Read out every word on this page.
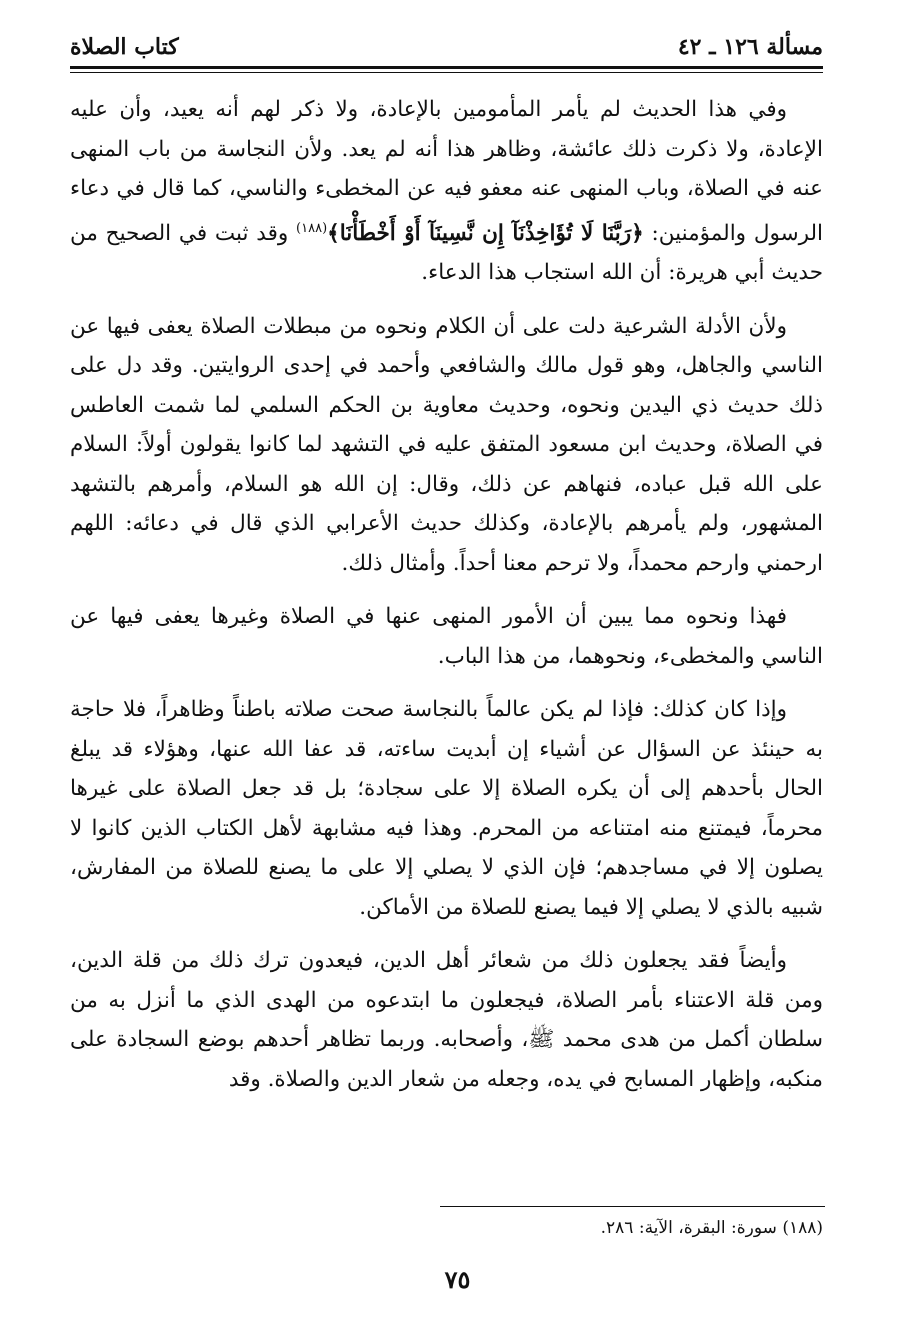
مسألة ١٢٦ ـ ٤٢
كتاب الصلاة

وفي هذا الحديث لم يأمر المأمومين بالإعادة، ولا ذكر لهم أنه يعيد، وأن عليه الإعادة، ولا ذكرت ذلك عائشة، وظاهر هذا أنه لم يعد. ولأن النجاسة من باب المنهى عنه في الصلاة، وباب المنهى عنه معفو فيه عن المخطىء والناسي، كما قال في دعاء الرسول والمؤمنين: ﴿رَبَّنَا لَا تُؤَاخِذْنَآ إِن نَّسِينَآ أَوْ أَخْطَأْنَا﴾$^{(١٨٨)}$ وقد ثبت في الصحيح من حديث أبي هريرة: أن الله استجاب هذا الدعاء.

ولأن الأدلة الشرعية دلت على أن الكلام ونحوه من مبطلات الصلاة يعفى فيها عن الناسي والجاهل، وهو قول مالك والشافعي وأحمد في إحدى الروايتين. وقد دل على ذلك حديث ذي اليدين ونحوه، وحديث معاوية بن الحكم السلمي لما شمت العاطس في الصلاة، وحديث ابن مسعود المتفق عليه في التشهد لما كانوا يقولون أولاً: السلام على الله قبل عباده، فنهاهم عن ذلك، وقال: إن الله هو السلام، وأمرهم بالتشهد المشهور، ولم يأمرهم بالإعادة، وكذلك حديث الأعرابي الذي قال في دعائه: اللهم ارحمني وارحم محمداً، ولا ترحم معنا أحداً. وأمثال ذلك.

فهذا ونحوه مما يبين أن الأمور المنهى عنها في الصلاة وغيرها يعفى فيها عن الناسي والمخطىء، ونحوهما، من هذا الباب.

وإذا كان كذلك: فإذا لم يكن عالماً بالنجاسة صحت صلاته باطناً وظاهراً، فلا حاجة به حينئذ عن السؤال عن أشياء إن أبديت ساءته، قد عفا الله عنها، وهؤلاء قد يبلغ الحال بأحدهم إلى أن يكره الصلاة إلا على سجادة؛ بل قد جعل الصلاة على غيرها محرماً، فيمتنع منه امتناعه من المحرم. وهذا فيه مشابهة لأهل الكتاب الذين كانوا لا يصلون إلا في مساجدهم؛ فإن الذي لا يصلي إلا على ما يصنع للصلاة من المفارش، شبيه بالذي لا يصلي إلا فيما يصنع للصلاة من الأماكن.

وأيضاً فقد يجعلون ذلك من شعائر أهل الدين، فيعدون ترك ذلك من قلة الدين، ومن قلة الاعتناء بأمر الصلاة، فيجعلون ما ابتدعوه من الهدى الذي ما أنزل به من سلطان أكمل من هدى محمد ﷺ، وأصحابه. وربما تظاهر أحدهم بوضع السجادة على منكبه، وإظهار المسابح في يده، وجعله من شعار الدين والصلاة. وقد

(١٨٨) سورة: البقرة، الآية: ٢٨٦.
٧٥
